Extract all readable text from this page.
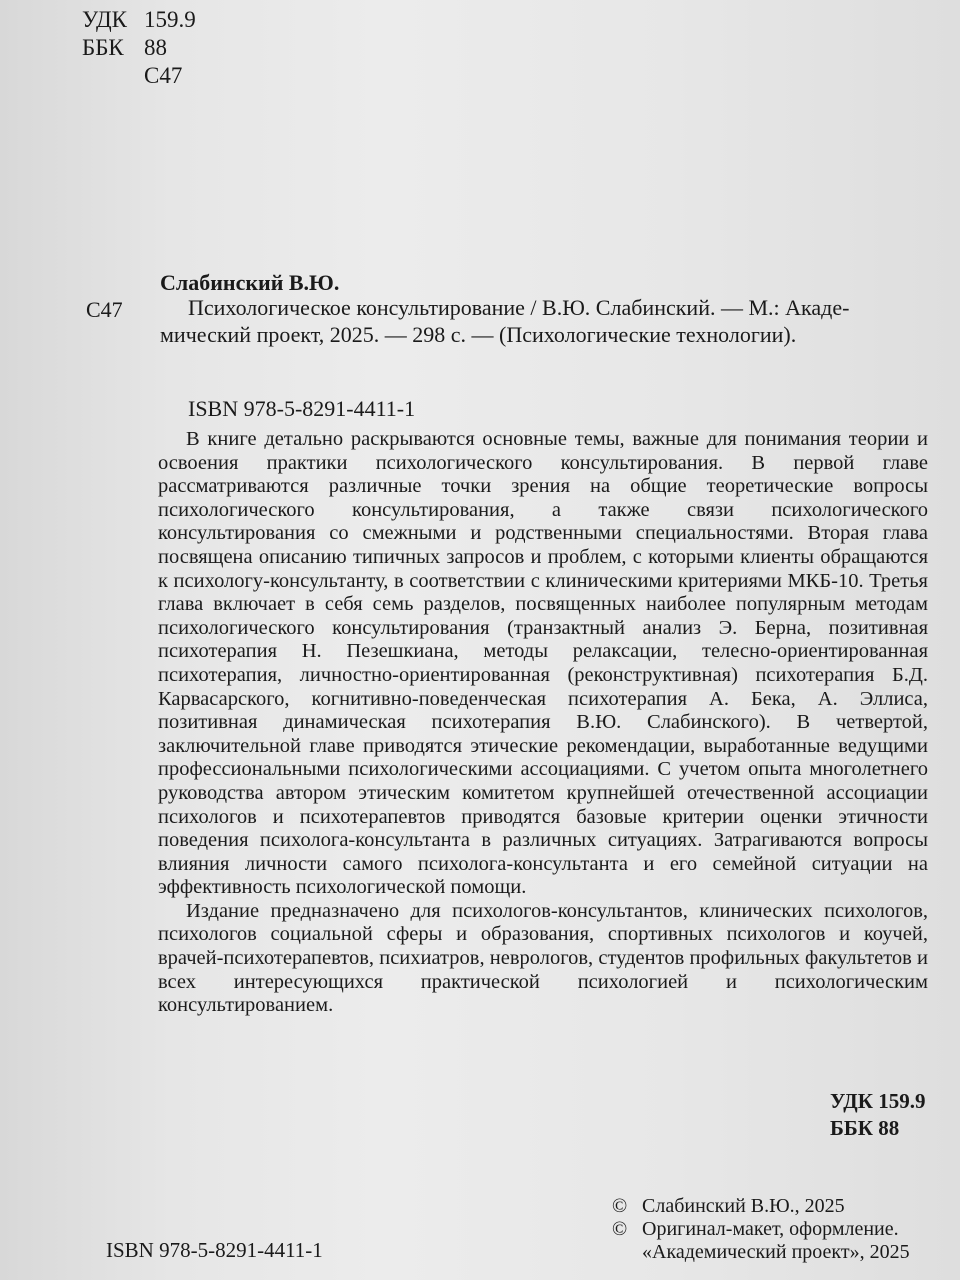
УДК 159.9
ББК 88
С47
Слабинский В.Ю.
С47	Психологическое консультирование / В.Ю. Слабинский. — М.: Акаде-
мический проект, 2025. — 298 с. — (Психологические технологии).
ISBN 978-5-8291-4411-1

В книге детально раскрываются основные темы, важные для понимания теории и освоения практики психологического консультирования. В первой главе рассматриваются различные точки зрения на общие теоретические вопросы психологического консультирования, а также связи психологического консультирования со смежными и родственными специальностями. Вторая глава посвящена описанию типичных запросов и проблем, с которыми клиенты обращаются к психологу-консультанту, в соответствии с клиническими критериями МКБ-10. Третья глава включает в себя семь разделов, посвященных наиболее популярным методам психологического консультирования (транзактный анализ Э. Берна, позитивная психотерапия Н. Пезешкиана, методы релаксации, телесно-ориентированная психотерапия, личностно-ориентированная (реконструктивная) психотерапия Б.Д. Карвасарского, когнитивно-поведенческая психотерапия А. Бека, А. Эллиса, позитивная динамическая психотерапия В.Ю. Слабинского). В четвертой, заключительной главе приводятся этические рекомендации, выработанные ведущими профессиональными психологическими ассоциациями. С учетом опыта многолетнего руководства автором этическим комитетом крупнейшей отечественной ассоциации психологов и психотерапевтов приводятся базовые критерии оценки этичности поведения психолога-консультанта в различных ситуациях. Затрагиваются вопросы влияния личности самого психолога-консультанта и его семейной ситуации на эффективность психологической помощи.

Издание предназначено для психологов-консультантов, клинических психологов, психологов социальной сферы и образования, спортивных психологов и коучей, врачей-психотерапевтов, психиатров, неврологов, студентов профильных факультетов и всех интересующихся практической психологией и психологическим консультированием.

УДК 159.9
ББК 88
© Слабинский В.Ю., 2025
© Оригинал-макет, оформление.
«Академический проект», 2025
ISBN 978-5-8291-4411-1
